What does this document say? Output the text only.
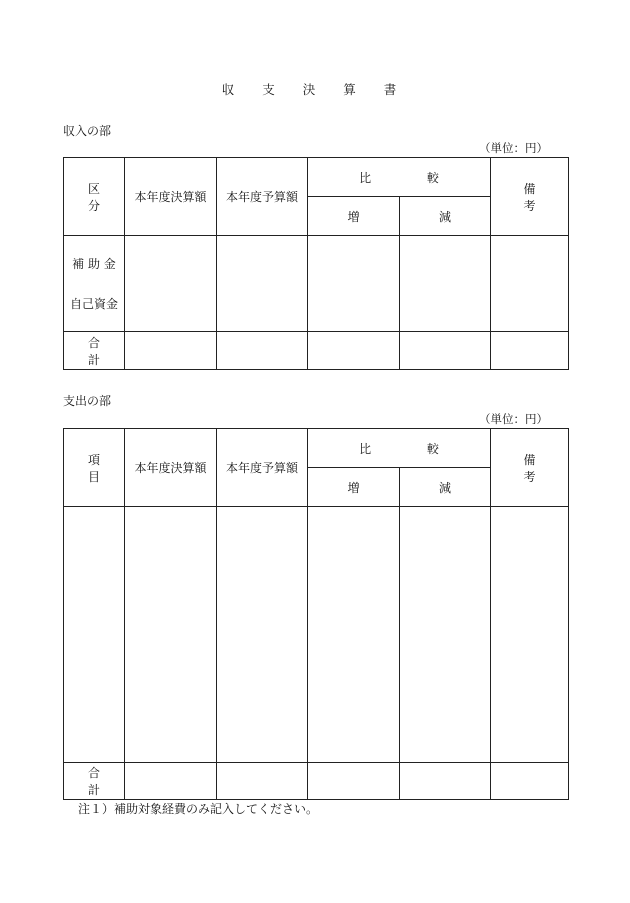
収 支 決 算 書
収入の部
（単位：円）
区 分	本年度決算額	本年度予算額	比 較		備 考
			増	減	

補 助 金
自己資金					

合 計					
支出の部
（単位：円）
項 目	本年度決算額	本年度予算額	比 較		備 考
			増	減	

合 計					
注１）補助対象経費のみ記入してください。
